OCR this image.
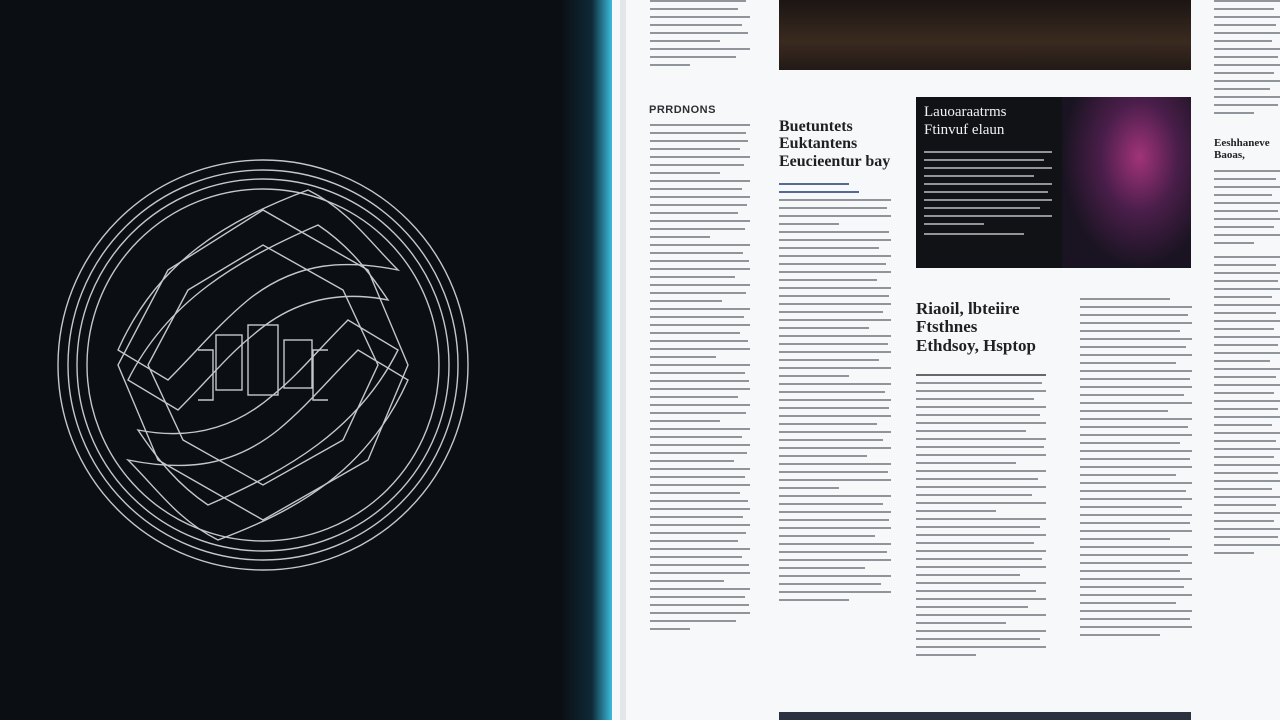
PRRDNONS

Buetuntets

Euktantens

Eeucieentur bay

Lauoaraatrms

Ftinvuf elaun

Riaoil, lbteiire

Ftsthnes

Ethdsoy, Hsptop

Eeshhaneve

Baoas,
